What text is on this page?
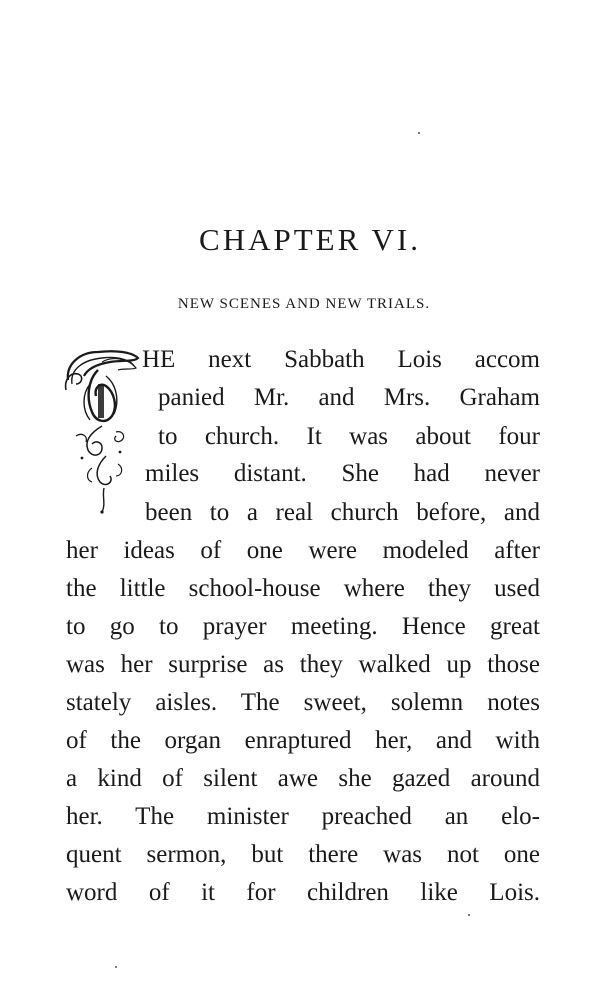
CHAPTER VI.
NEW SCENES AND NEW TRIALS.
HE next Sabbath Lois accom
panied Mr. and Mrs. Graham
to church. It was about four
miles distant. She had never
been to a real church before, and
her ideas of one were modeled after
the little school-house where they used
to go to prayer meeting. Hence great
was her surprise as they walked up those
stately aisles. The sweet, solemn notes
of the organ enraptured her, and with
a kind of silent awe she gazed around
her. The minister preached an elo-
quent sermon, but there was not one
word of it for children like Lois.
